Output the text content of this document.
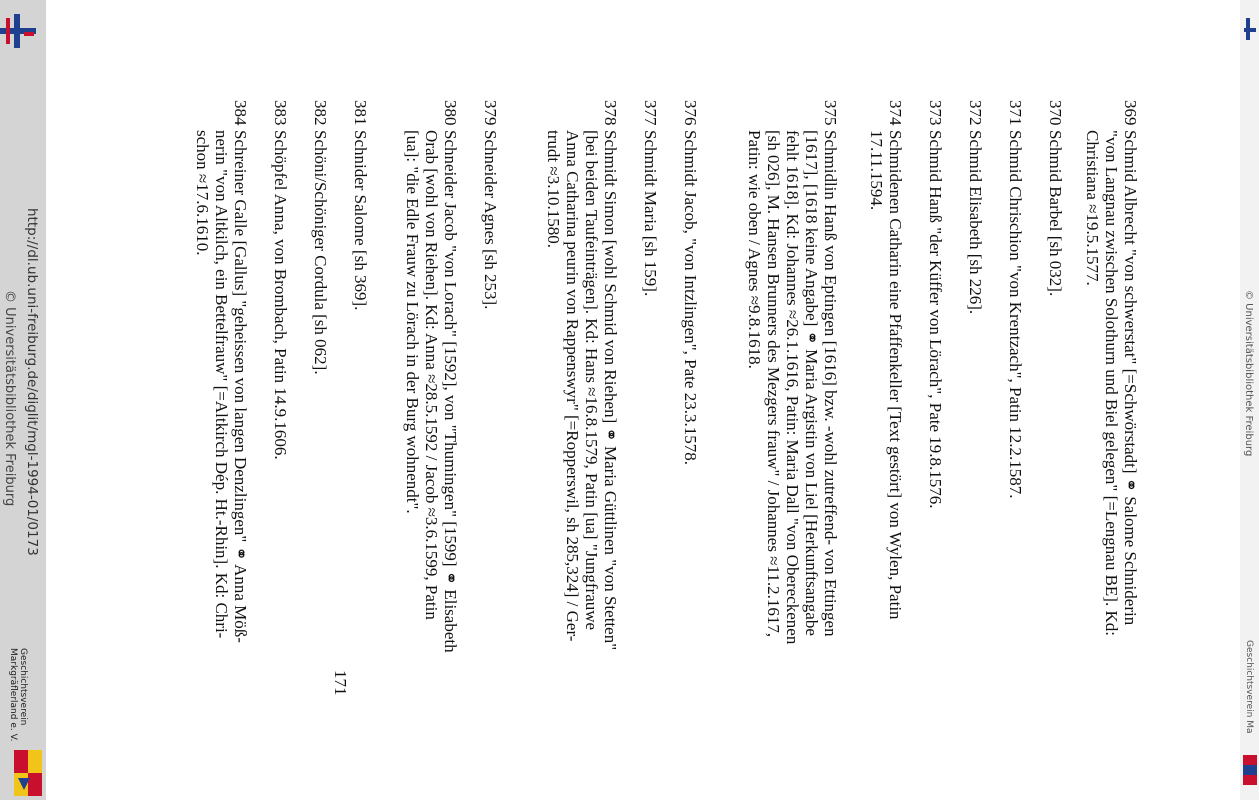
http://dl.ub.uni-freiburg.de/diglit/mgl-1994-01/0173
© Universitätsbibliothek Freiburg
Geschichtsverein
Markgräflerland e. V.
© Universitätsbibliothek Freiburg
Geschichtsverein Ma
369
Schmid Albrecht "von schwerstat" [=Schwörstadt] ⚭ Salome Schniderin
"von Langnau zwischen Solothurn und Biel gelegen" [=Lengnau BE]. Kd:
Christiana ≈19.5.1577.
370
Schmid Barbel [sh 032].
371
Schmid Chrischion "von Krentzach", Patin 12.2.1587.
372
Schmid Elisabeth [sh 226].
373
Schmid Hanß "der Küffer von Lörach", Pate 19.8.1576.
374
Schmidenen Catharin eine Pfaffenkeller [Text gestört] von Wylen, Patin
17.11.1594.
375
Schmidlin Hanß von Eptingen [1616] bzw. -wohl zutreffend- von Ettingen
[1617], [1618 keine Angabe] ⚭ Maria Argistin von Liel [Herkunftsangabe
fehlt 1618]. Kd: Johannes ≈26.1.1616, Patin: Maria Dall "von Obereckenen
[sh 026], M. Hansen Brunners des Mezgers frauw" / Johannes ≈11.2.1617,
Patin: wie oben / Agnes ≈9.8.1618.
376
Schmidt Jacob, "von Intzlingen", Pate 23.3.1578.
377
Schmidt Maria [sh 159].
378
Schmidt Simon [wohl Schmid von Riehen] ⚭ Maria Güttlinen "von Stetten"
[bei beiden Taufeinträgen]. Kd: Hans ≈16.8.1579, Patin [ua] "Jungfrauwe
Anna Catharina peurin von Rappenswyr" [=Ropperswil, sh 285,324] / Ger-
trudt ≈3.10.1580.
379
Schneider Agnes [sh 253].
380
Schneider Jacob "von Lorach" [1592], von "Thumingen" [1599] ⚭ Elisabeth
Orab [wohl von Riehen]. Kd: Anna ≈28.5.1592 / Jacob ≈3.6.1599, Patin
[ua]: "die Edle Frauw zu Lörach in der Burg wohnendt".
381
Schnider Salome [sh 369].
382
Schöni/Schöniger Cordula [sh 062].
383
Schöpfel Anna, von Brombach, Patin 14.9.1606.
384
Schreiner Galle [Gallus] "geheissen von langen Denzlingen" ⚭ Anna Möß-
nerin "von Altkilch, ein Bettelfrauw" [=Altkirch Dép. Ht.-Rhin]. Kd: Chri-
schon ≈17.6.1610.
171
